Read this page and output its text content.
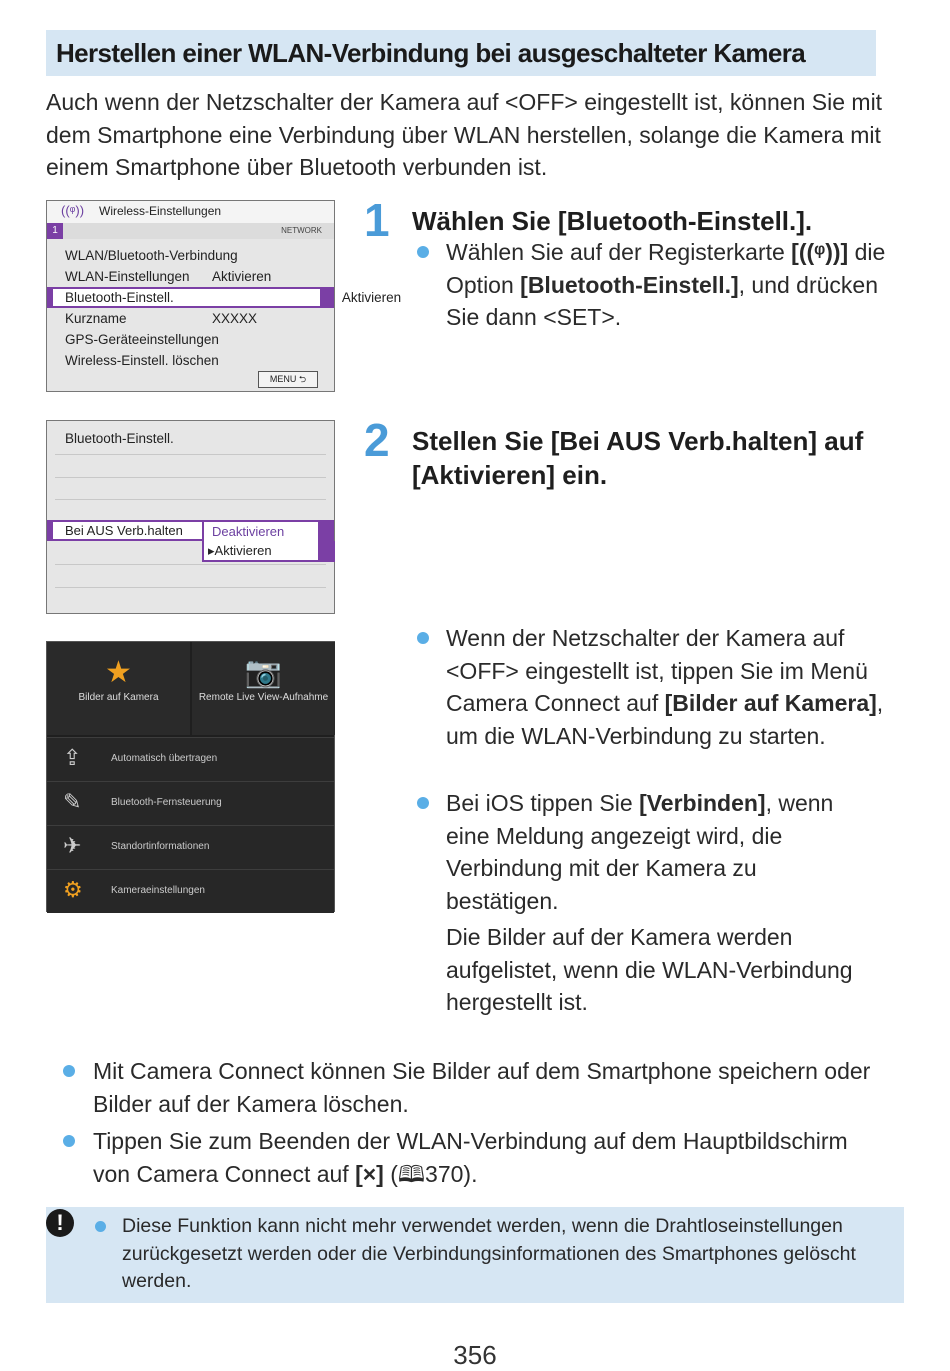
Herstellen einer WLAN-Verbindung bei ausgeschalteter Kamera
Auch wenn der Netzschalter der Kamera auf <OFF> eingestellt ist, können Sie mit dem Smartphone eine Verbindung über WLAN herstellen, solange die Kamera mit einem Smartphone über Bluetooth verbunden ist.
((ᵠ)) Wireless-Einstellungen
1	NETWORK
WLAN/Bluetooth-Verbindung
WLAN-Einstellungen Aktivieren
Bluetooth-Einstell.	Aktivieren
Kurzname	XXXXX
GPS-Geräteeinstellungen
Wireless-Einstell. löschen
MENU ⮌
Bluetooth-Einstell.
Bei AUS Verb.halten Deaktivieren
▸Aktivieren
★
Bilder auf Kamera
📷
Remote Live View-Aufnahme
⇪	Automatisch übertragen
✎	Bluetooth-Fernsteuerung
✈	Standortinformationen
⚙	Kameraeinstellungen
1 Wählen Sie [Bluetooth-Einstell.].
Wählen Sie auf der Registerkarte [((ᵠ))] die Option [Bluetooth-Einstell.], und drücken Sie dann <SET>.
2 Stellen Sie [Bei AUS Verb.halten] auf [Aktivieren] ein.
Wenn der Netzschalter der Kamera auf <OFF> eingestellt ist, tippen Sie im Menü Camera Connect auf [Bilder auf Kamera], um die WLAN-Verbindung zu starten.
Bei iOS tippen Sie [Verbinden], wenn eine Meldung angezeigt wird, die Verbindung mit der Kamera zu bestätigen.
Die Bilder auf der Kamera werden aufgelistet, wenn die WLAN-Verbindung hergestellt ist.
Mit Camera Connect können Sie Bilder auf dem Smartphone speichern oder Bilder auf der Kamera löschen.
Tippen Sie zum Beenden der WLAN-Verbindung auf dem Hauptbildschirm von Camera Connect auf [×] (🕮370).
!	Diese Funktion kann nicht mehr verwendet werden, wenn die Drahtloseinstellungen zurückgesetzt werden oder die Verbindungsinformationen des Smartphones gelöscht werden.
356
